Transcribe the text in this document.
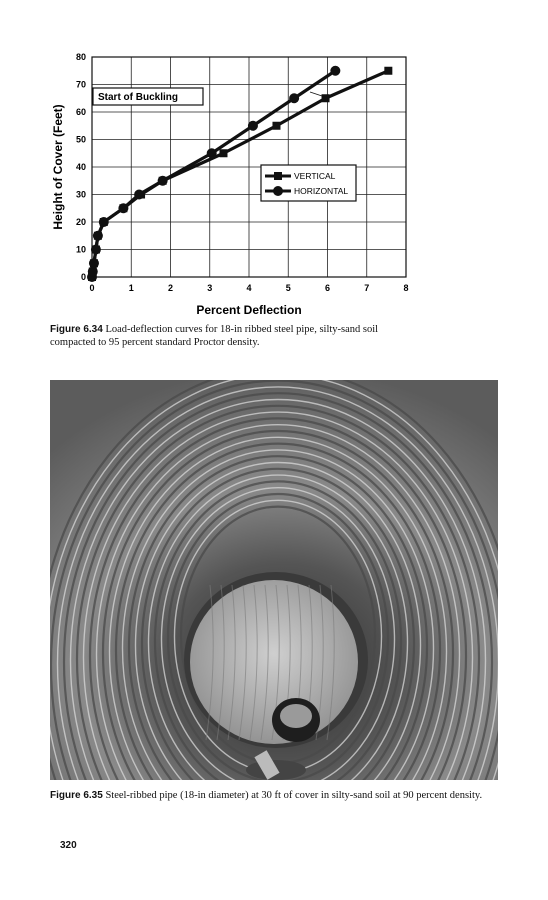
0	1	2	3	4	5	6	7	8
0
10
20
30
40
50
60
70
80
Percent Deflection
Height of Cover (Feet)
Start of Buckling
VERTICAL
HORIZONTAL
Figure 6.34 Load-deflection curves for 18-in ribbed steel pipe, silty-sand soil compacted to 95 percent standard Proctor density.
Figure 6.35 Steel-ribbed pipe (18-in diameter) at 30 ft of cover in silty-sand soil at 90 percent density.
320
